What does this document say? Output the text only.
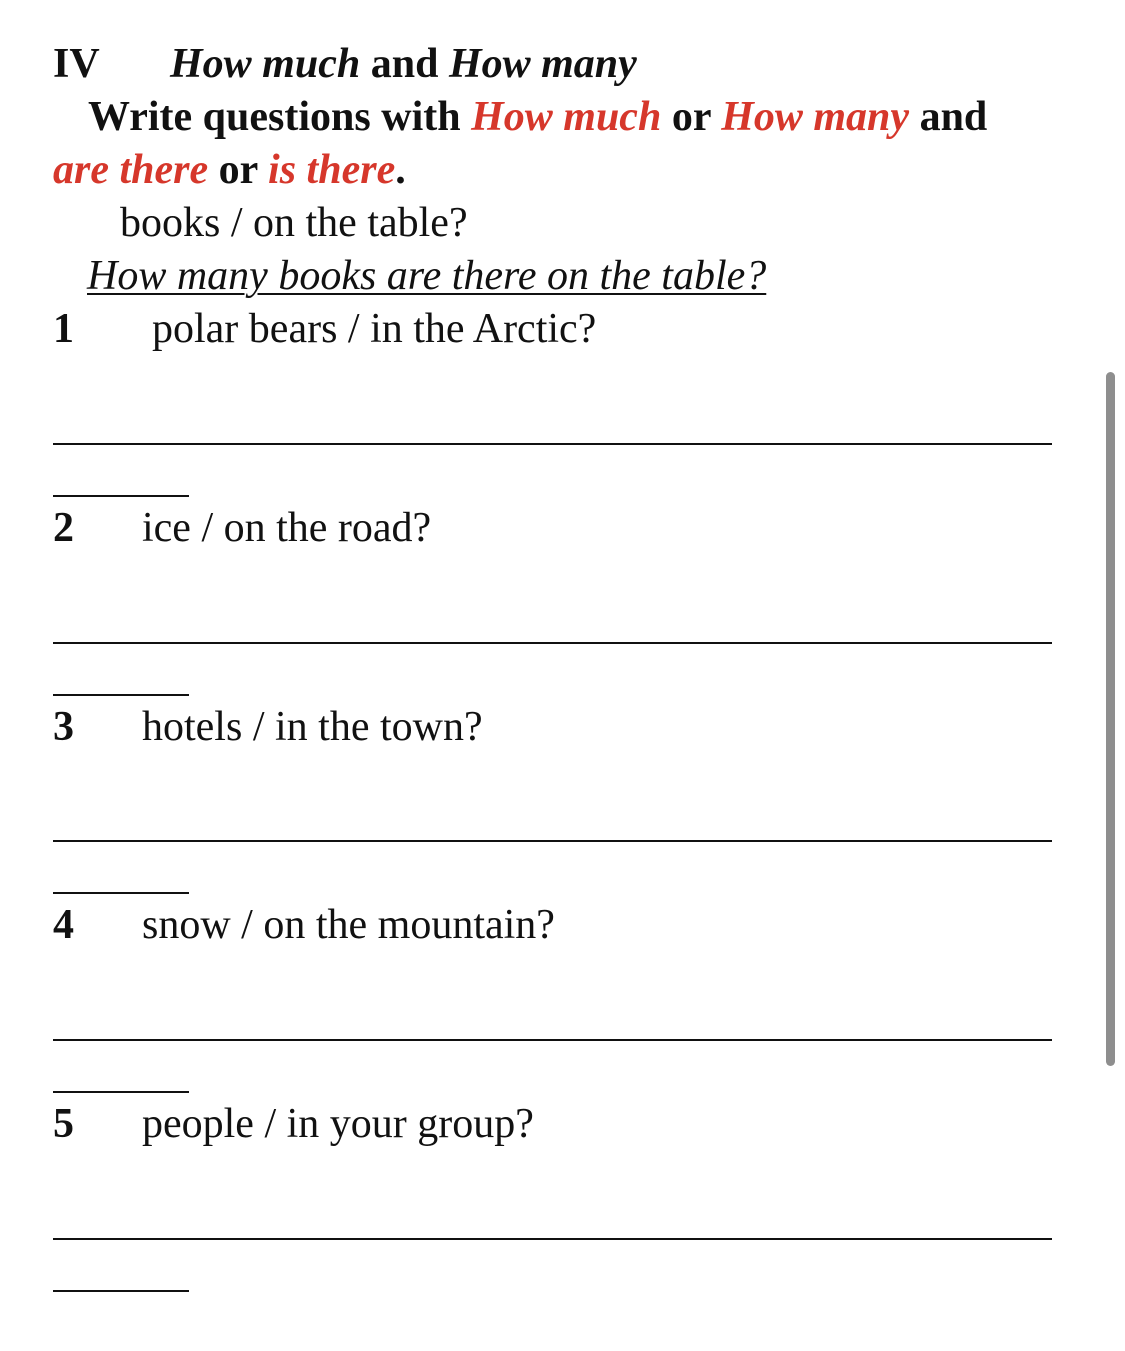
IV How much and How many
Write questions with How much or How many and
are there or is there.
books / on the table?
How many books are there on the table?
1 polar bears / in the Arctic?
2 ice / on the road?
3 hotels / in the town?
4 snow / on the mountain?
5 people / in your group?
